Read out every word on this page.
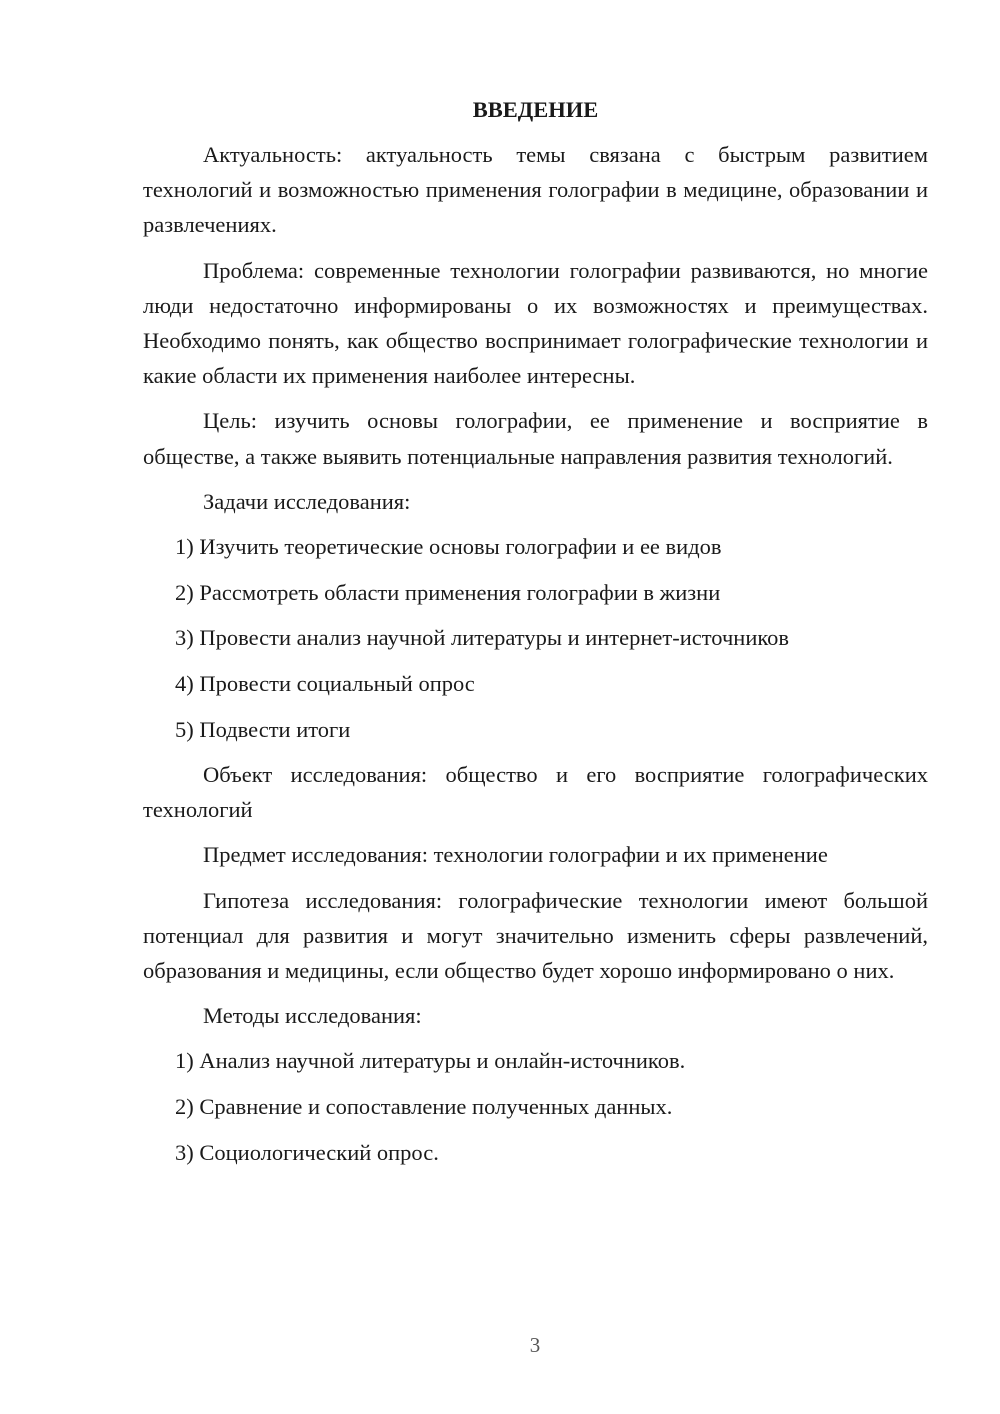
ВВЕДЕНИЕ

Актуальность: актуальность темы связана с быстрым развитием технологий и возможностью применения голографии в медицине, образовании и развлечениях.

Проблема: современные технологии голографии развиваются, но многие люди недостаточно информированы о их возможностях и преимуществах. Необходимо понять, как общество воспринимает голографические технологии и какие области их применения наиболее интересны.

Цель: изучить основы голографии, ее применение и восприятие в обществе, а также выявить потенциальные направления развития технологий.

Задачи исследования:

1) Изучить теоретические основы голографии и ее видов

2) Рассмотреть области применения голографии в жизни

3) Провести анализ научной литературы и интернет-источников

4) Провести социальный опрос

5) Подвести итоги

Объект исследования: общество и его восприятие голографических технологий

Предмет исследования: технологии голографии и их применение

Гипотеза исследования: голографические технологии имеют большой потенциал для развития и могут значительно изменить сферы развлечений, образования и медицины, если общество будет хорошо информировано о них.

Методы исследования:

1) Анализ научной литературы и онлайн-источников.

2) Сравнение и сопоставление полученных данных.

3) Социологический опрос.

3
